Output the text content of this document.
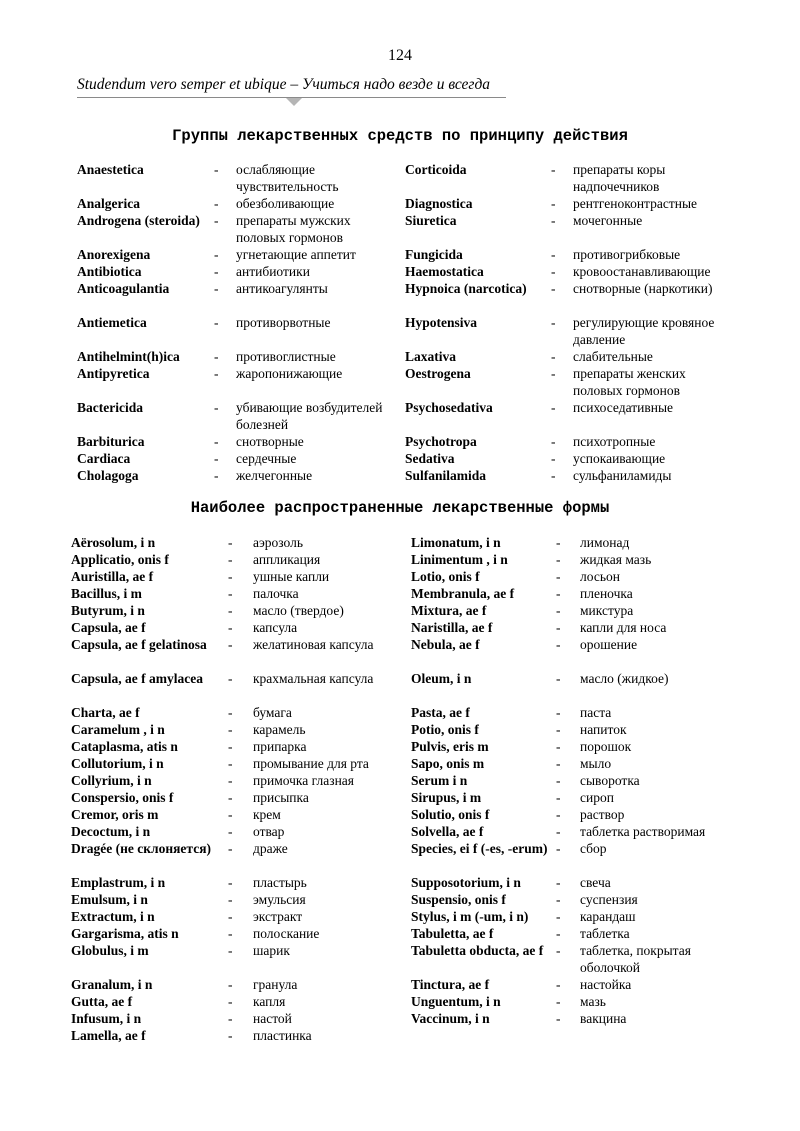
124
Studendum vero semper et ubique – Учиться надо везде и всегда
Группы лекарственных средств по принципу действия
Наиболее распространенные лекарственные формы
Anaestetica	- ослабляющие чувствительность
Analgerica	- обезболивающие
Androgena (steroida)	- препараты мужских половых гормонов
Anorexigena	- угнетающие аппетит
Antibiotica	- антибиотики
Anticoagulantia	- антикоагулянты
Antiemetica	- противорвотные
Antihelmint(h)ica	- противоглистные
Antipyretica	- жаропонижающие
Bactericida	- убивающие возбудителей болезней
Barbiturica	- снотворные
Cardiaca	- сердечные
Cholagoga	- желчегонные
Corticoida	- препараты коры надпочечников
Diagnostica	- рентгеноконтрастные
Siuretica	- мочегонные
Fungicida	- противогрибковые
Haemostatica	- кровоостанавливающие
Hypnoica (narcotica)	- снотворные (наркотики)
Hypotensiva	- регулирующие кровяное давление
Laxativa	- слабительные
Oestrogena	- препараты женских половых гормонов
Psychosedativa	- психоседативные
Psychotropa	- психотропные
Sedativa	- успокаивающие
Sulfanilamida	- сульфаниламиды
Aёrosolum, i n	- аэрозоль
Applicatio, onis f	- аппликация
Auristilla, ae f	- ушные капли
Bacillus, i m	- палочка
Butyrum, i n	- масло (твердое)
Capsula, ae f	- капсула
Capsula, ae f gelatinosa	- желатиновая капсула
Capsula, ae f amylacea	- крахмальная капсула
Charta, ae f	- бумага
Caramelum , i n	- карамель
Cataplasma, atis n	- припарка
Collutorium, i n	- промывание для рта
Collyrium, i n	- примочка глазная
Conspersio, onis f	- присыпка
Cremor, oris m	- крем
Decoctum, i n	- отвар
Dragée (не склоняется)	- драже
Emplastrum, i n	- пластырь
Emulsum, i n	- эмульсия
Extractum, i n	- экстракт
Gargarisma, atis n	- полоскание
Globulus, i m	- шарик
Granalum, i n	- гранула
Gutta, ae f	- капля
Infusum, i n	- настой
Lamella, ae f	- пластинка
Limonatum, i n	- лимонад
Linimentum , i n	- жидкая мазь
Lotio, onis f	- лосьон
Membranula, ae f	- пленочка
Mixtura, ae f	- микстура
Naristilla, ae f	- капли для носа
Nebula, ae f	- орошение
Oleum, i n	- масло (жидкое)
Pasta, ae f	- паста
Potio, onis f	- напиток
Pulvis, eris m	- порошок
Sapo, onis m	- мыло
Serum i n	- сыворотка
Sirupus, i m	- сироп
Solutio, onis f	- раствор
Solvella, ae f	- таблетка растворимая
Species, ei f (-es, -erum) - сбор
Supposotorium, i n	- свеча
Suspensio, onis f	- суспензия
Stylus, i m (-um, i n)	- карандаш
Tabuletta, ae f	- таблетка
Tabuletta obducta, ae f - таблетка, покрытая оболочкой
Tinctura, ae f	- настойка
Unguentum, i n	- мазь
Vaccinum, i n	- вакцина
